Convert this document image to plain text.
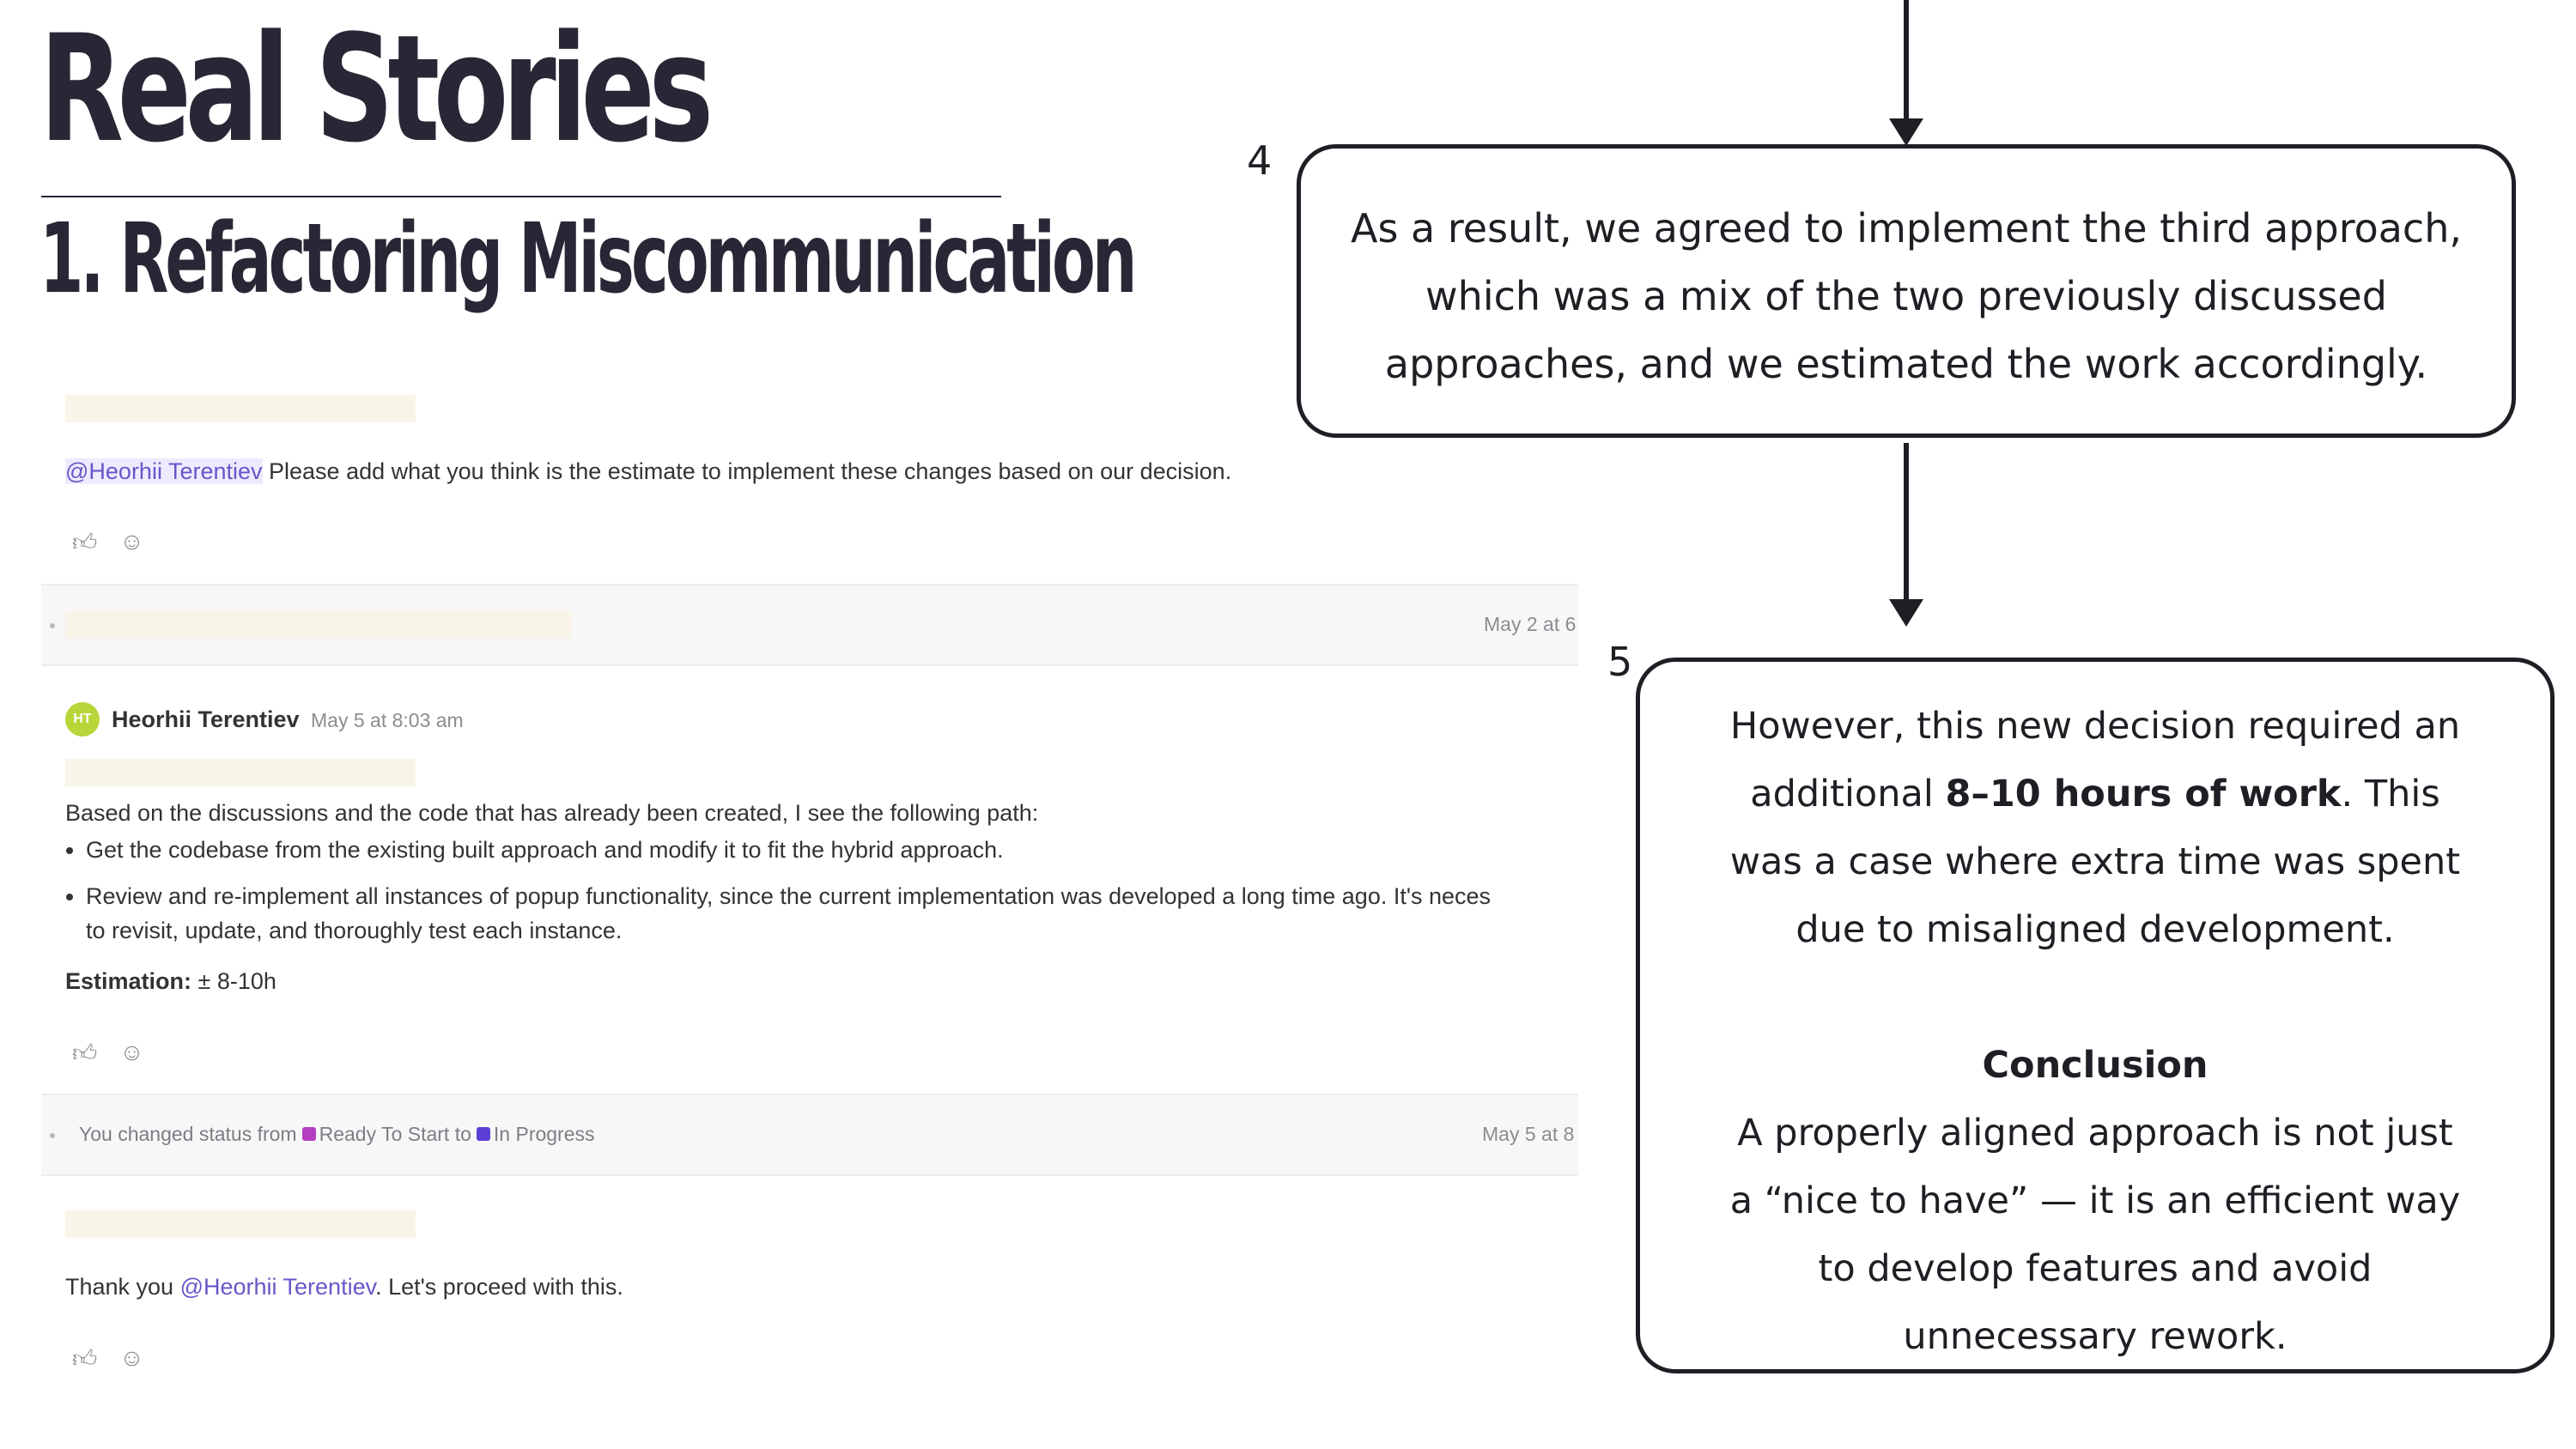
Real Stories
1. Refactoring Miscommunication
@Heorhii Terentiev Please add what you think is the estimate to implement these changes based on our decision.
👍︎ ☺
May 2 at 6
HT Heorhii Terentiev May 5 at 8:03 am
Based on the discussions and the code that has already been created, I see the following path:
• Get the codebase from the existing built approach and modify it to fit the hybrid approach.
• Review and re-implement all instances of popup functionality, since the current implementation was developed a long time ago. It's neces
to revisit, update, and thoroughly test each instance.
Estimation: ± 8-10h
👍︎ ☺
You changed status from Ready To Start to In Progress	May 5 at 8
Thank you @Heorhii Terentiev. Let's proceed with this.
👍︎ ☺
4
As a result, we agreed to implement the third approach,
which was a mix of the two previously discussed
approaches, and we estimated the work accordingly.
5
However, this new decision required an
additional 8–10 hours of work. This
was a case where extra time was spent
due to misaligned development.
Conclusion
A properly aligned approach is not just
a “nice to have” — it is an efficient way
to develop features and avoid
unnecessary rework.
